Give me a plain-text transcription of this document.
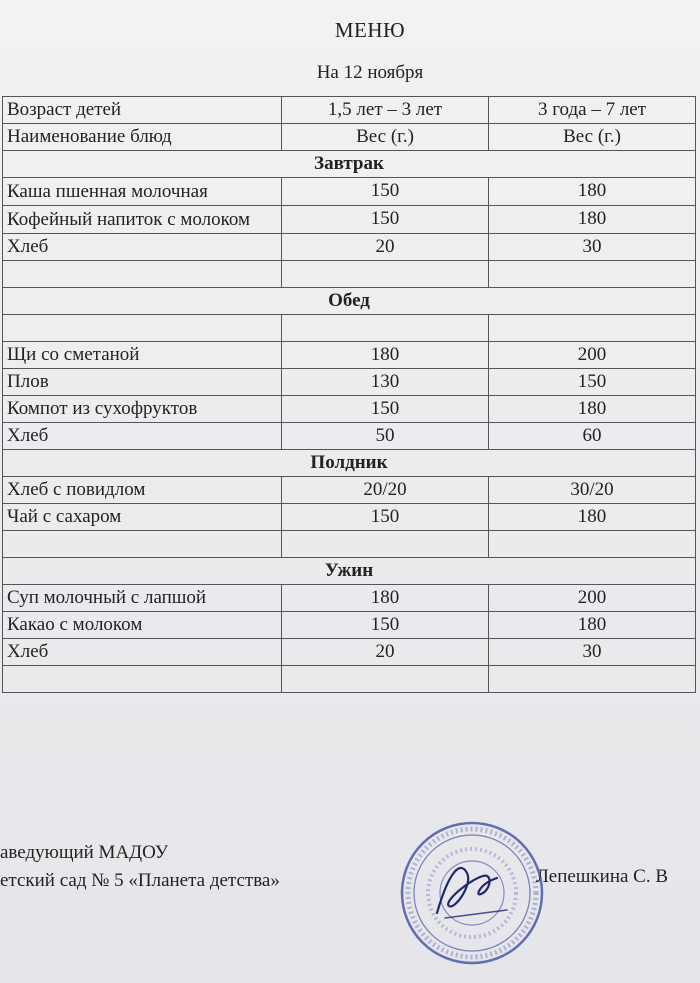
МЕНЮ
На 12 ноября
Возраст детей	1,5 лет – 3 лет	3 года – 7 лет
Наименование блюд	Вес (г.)	Вес (г.)
Завтрак		
Каша пшенная молочная	150	180
Кофейный напиток с молоком	150	180
Хлеб	20	30

Обед		

Щи со сметаной	180	200
Плов	130	150
Компот из сухофруктов	150	180
Хлеб	50	60
Полдник		
Хлеб с повидлом	20/20	30/20
Чай с сахаром	150	180

Ужин		
Суп молочный с лапшой	180	200
Какао с молоком	150	180
Хлеб	20	30

аведующий МАДОУ
етский сад № 5 «Планета детства»	Лепешкина С. В
